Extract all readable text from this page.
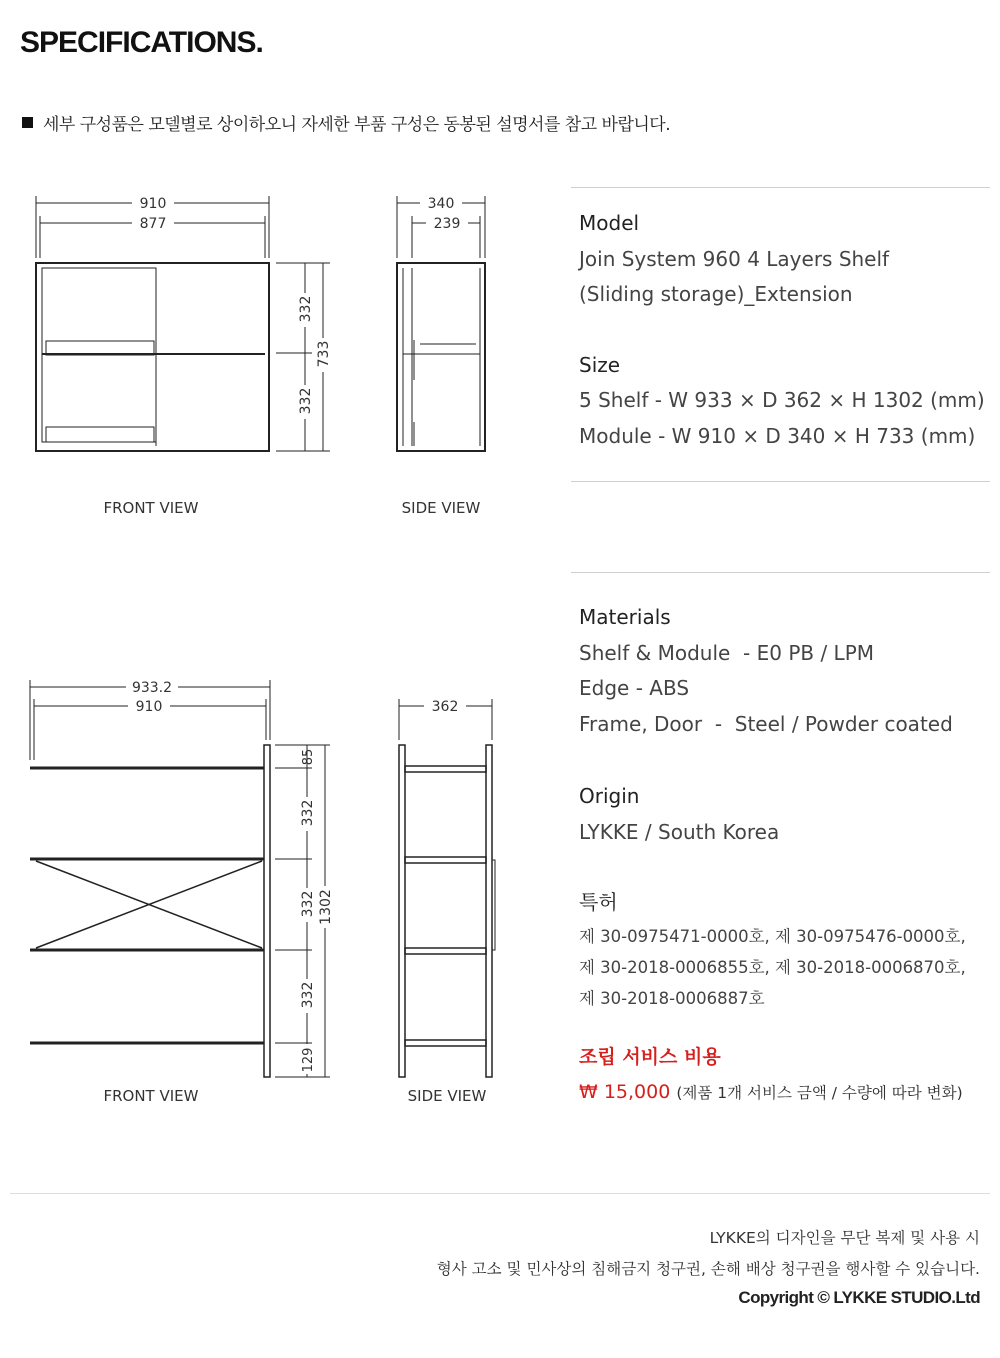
SPECIFICATIONS.
세부 구성품은 모델별로 상이하오니 자세한 부품 구성은 동봉된 설명서를 참고 바랍니다.
910
877
340
239
332
332
733
FRONT VIEW	SIDE VIEW
933.2
910	362
85
332
332
332
129
1302
FRONT VIEW	SIDE VIEW
Model
Join System 960 4 Layers Shelf
(Sliding storage)_Extension
Size
5 Shelf - W 933 × D 362 × H 1302 (mm)
Module - W 910 × D 340 × H 733 (mm)
Materials
Shelf & Module  - E0 PB / LPM
Edge - ABS
Frame, Door  -  Steel / Powder coated
Origin
LYKKE / South Korea
특허
제 30-0975471-0000호, 제 30-0975476-0000호,
제 30-2018-0006855호, 제 30-2018-0006870호,
제 30-2018-0006887호
조립 서비스 비용
₩ 15,000 (제품 1개 서비스 금액 / 수량에 따라 변화)
LYKKE의 디자인을 무단 복제 및 사용 시
형사 고소 및 민사상의 침해금지 청구권, 손해 배상 청구권을 행사할 수 있습니다.
Copyright © LYKKE STUDIO.Ltd
